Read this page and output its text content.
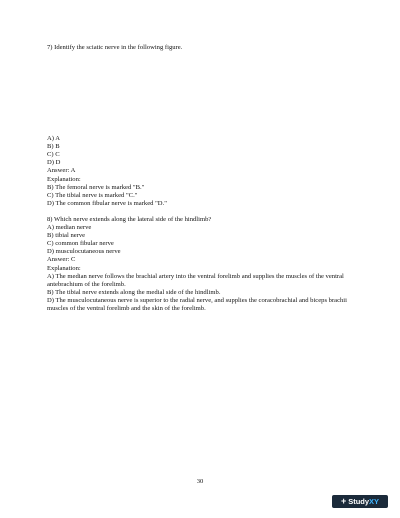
7) Identify the sciatic nerve in the following figure.
A) A
B) B
C) C
D) D
Answer: A
Explanation:
B) The femoral nerve is marked "B."
C) The tibial nerve is marked "C."
D) The common fibular nerve is marked "D."
8) Which nerve extends along the lateral side of the hindlimb?
A) median nerve
B) tibial nerve
C) common fibular nerve
D) musculocutaneous nerve
Answer: C
Explanation:
A) The median nerve follows the brachial artery into the ventral forelimb and supplies the muscles of the ventral antebrachium of the forelimb.
B) The tibial nerve extends along the medial side of the hindlimb.
D) The musculocutaneous nerve is superior to the radial nerve, and supplies the coracobrachial and biceps brachii muscles of the ventral forelimb and the skin of the forelimb.
30
+ Study XY
